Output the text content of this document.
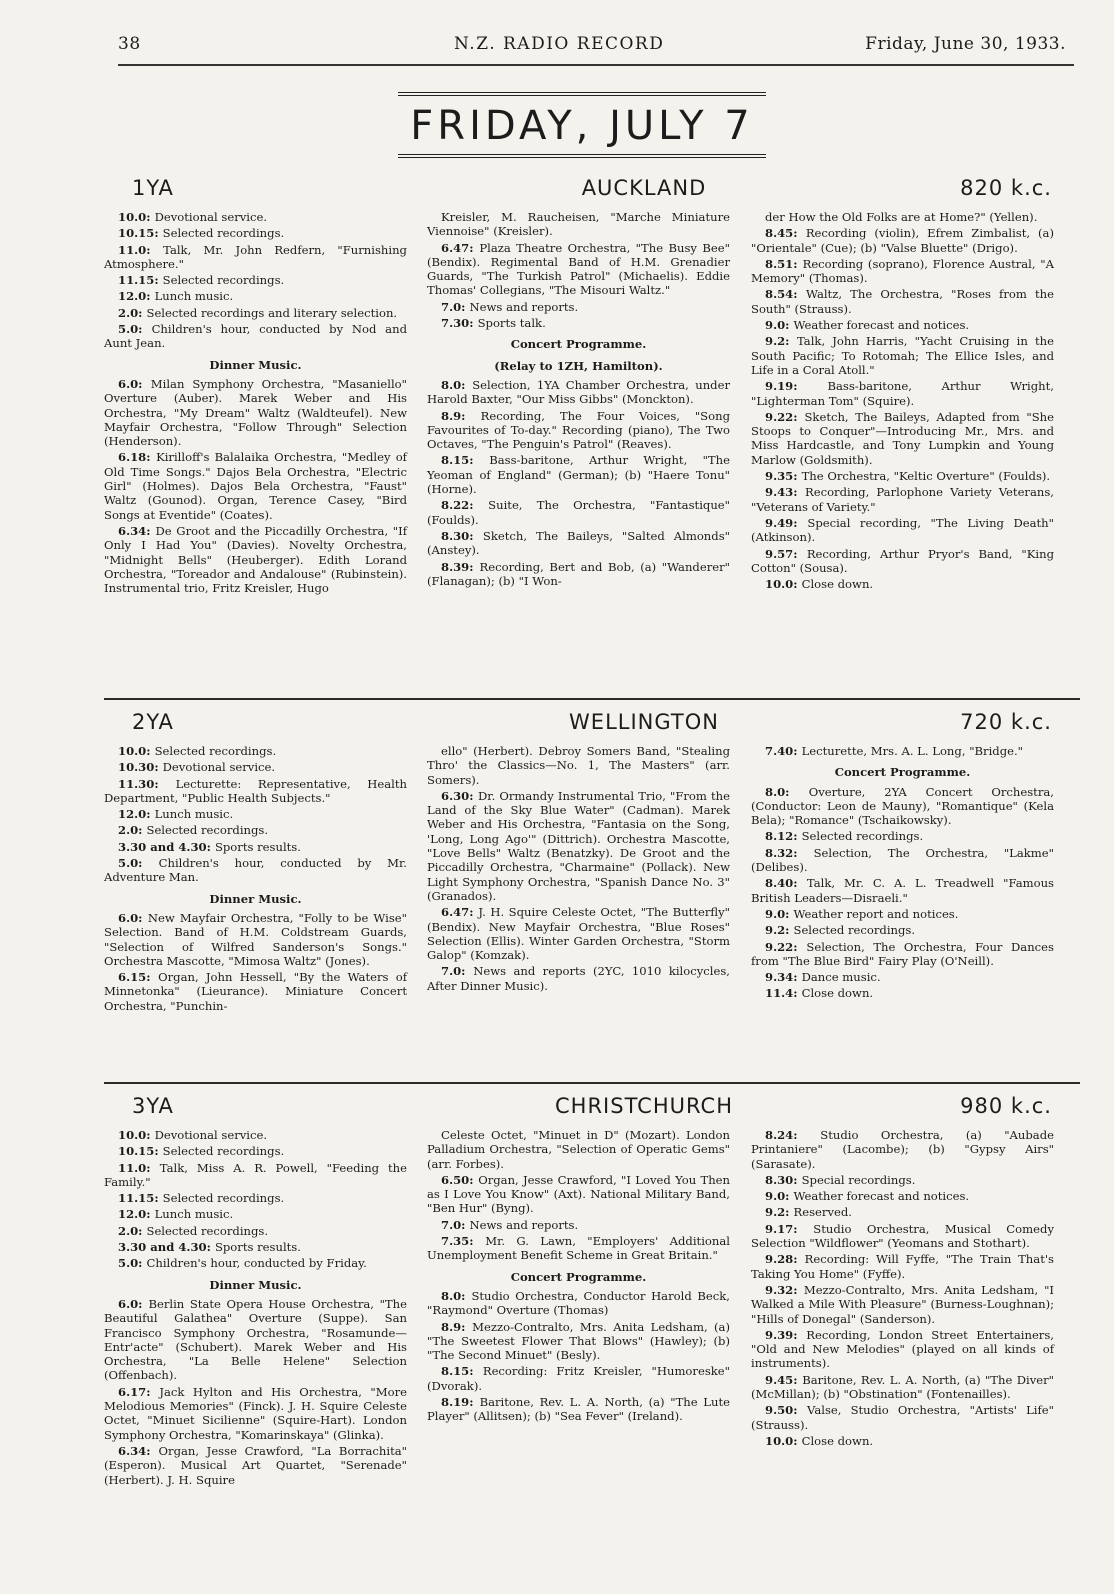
38	N.Z. RADIO RECORD	Friday, June 30, 1933.
FRIDAY, JULY 7
1YA	AUCKLAND	820 k.c.

10.0: Devotional service.

10.15: Selected recordings.

11.0: Talk, Mr. John Redfern, "Furnishing Atmosphere."

11.15: Selected recordings.

12.0: Lunch music.

2.0: Selected recordings and literary selection.

5.0: Children's hour, conducted by Nod and Aunt Jean.

Dinner Music.

6.0: Milan Symphony Orchestra, "Masaniello" Overture (Auber). Marek Weber and His Orchestra, "My Dream" Waltz (Waldteufel). New Mayfair Orchestra, "Follow Through" Selection (Henderson).

6.18: Kirilloff's Balalaika Orchestra, "Medley of Old Time Songs." Dajos Bela Orchestra, "Electric Girl" (Holmes). Dajos Bela Orchestra, "Faust" Waltz (Gounod). Organ, Terence Casey, "Bird Songs at Eventide" (Coates).

6.34: De Groot and the Piccadilly Orchestra, "If Only I Had You" (Davies). Novelty Orchestra, "Midnight Bells" (Heuberger). Edith Lorand Orchestra, "Toreador and Andalouse" (Rubinstein). Instrumental trio, Fritz Kreisler, Hugo

Kreisler, M. Raucheisen, "Marche Miniature Viennoise" (Kreisler).

6.47: Plaza Theatre Orchestra, "The Busy Bee" (Bendix). Regimental Band of H.M. Grenadier Guards, "The Turkish Patrol" (Michaelis). Eddie Thomas' Collegians, "The Misouri Waltz."

7.0: News and reports.

7.30: Sports talk.

Concert Programme.

(Relay to 1ZH, Hamilton).

8.0: Selection, 1YA Chamber Orchestra, under Harold Baxter, "Our Miss Gibbs" (Monckton).

8.9: Recording, The Four Voices, "Song Favourites of To-day." Recording (piano), The Two Octaves, "The Penguin's Patrol" (Reaves).

8.15: Bass-baritone, Arthur Wright, "The Yeoman of England" (German); (b) "Haere Tonu" (Horne).

8.22: Suite, The Orchestra, "Fantastique" (Foulds).

8.30: Sketch, The Baileys, "Salted Almonds" (Anstey).

8.39: Recording, Bert and Bob, (a) "Wanderer" (Flanagan); (b) "I Won-

der How the Old Folks are at Home?" (Yellen).

8.45: Recording (violin), Efrem Zimbalist, (a) "Orientale" (Cue); (b) "Valse Bluette" (Drigo).

8.51: Recording (soprano), Florence Austral, "A Memory" (Thomas).

8.54: Waltz, The Orchestra, "Roses from the South" (Strauss).

9.0: Weather forecast and notices.

9.2: Talk, John Harris, "Yacht Cruising in the South Pacific; To Rotomah; The Ellice Isles, and Life in a Coral Atoll."

9.19: Bass-baritone, Arthur Wright, "Lighterman Tom" (Squire).

9.22: Sketch, The Baileys, Adapted from "She Stoops to Conquer"—Introducing Mr., Mrs. and Miss Hardcastle, and Tony Lumpkin and Young Marlow (Goldsmith).

9.35: The Orchestra, "Keltic Overture" (Foulds).

9.43: Recording, Parlophone Variety Veterans, "Veterans of Variety."

9.49: Special recording, "The Living Death" (Atkinson).

9.57: Recording, Arthur Pryor's Band, "King Cotton" (Sousa).

10.0: Close down.

2YA	WELLINGTON	720 k.c.

10.0: Selected recordings.

10.30: Devotional service.

11.30: Lecturette: Representative, Health Department, "Public Health Subjects."

12.0: Lunch music.

2.0: Selected recordings.

3.30 and 4.30: Sports results.

5.0: Children's hour, conducted by Mr. Adventure Man.

Dinner Music.

6.0: New Mayfair Orchestra, "Folly to be Wise" Selection. Band of H.M. Coldstream Guards, "Selection of Wilfred Sanderson's Songs." Orchestra Mascotte, "Mimosa Waltz" (Jones).

6.15: Organ, John Hessell, "By the Waters of Minnetonka" (Lieurance). Miniature Concert Orchestra, "Punchin-

ello" (Herbert). Debroy Somers Band, "Stealing Thro' the Classics—No. 1, The Masters" (arr. Somers).

6.30: Dr. Ormandy Instrumental Trio, "From the Land of the Sky Blue Water" (Cadman). Marek Weber and His Orchestra, "Fantasia on the Song, 'Long, Long Ago'" (Dittrich). Orchestra Mascotte, "Love Bells" Waltz (Benatzky). De Groot and the Piccadilly Orchestra, "Charmaine" (Pollack). New Light Symphony Orchestra, "Spanish Dance No. 3" (Granados).

6.47: J. H. Squire Celeste Octet, "The Butterfly" (Bendix). New Mayfair Orchestra, "Blue Roses" Selection (Ellis). Winter Garden Orchestra, "Storm Galop" (Komzak).

7.0: News and reports (2YC, 1010 kilocycles, After Dinner Music).

7.40: Lecturette, Mrs. A. L. Long, "Bridge."

Concert Programme.

8.0: Overture, 2YA Concert Orchestra, (Conductor: Leon de Mauny), "Romantique" (Kela Bela); "Romance" (Tschaikowsky).

8.12: Selected recordings.

8.32: Selection, The Orchestra, "Lakme" (Delibes).

8.40: Talk, Mr. C. A. L. Treadwell "Famous British Leaders—Disraeli."

9.0: Weather report and notices.

9.2: Selected recordings.

9.22: Selection, The Orchestra, Four Dances from "The Blue Bird" Fairy Play (O'Neill).

9.34: Dance music.

11.4: Close down.

3YA	CHRISTCHURCH	980 k.c.

10.0: Devotional service.

10.15: Selected recordings.

11.0: Talk, Miss A. R. Powell, "Feeding the Family."

11.15: Selected recordings.

12.0: Lunch music.

2.0: Selected recordings.

3.30 and 4.30: Sports results.

5.0: Children's hour, conducted by Friday.

Dinner Music.

6.0: Berlin State Opera House Orchestra, "The Beautiful Galathea" Overture (Suppe). San Francisco Symphony Orchestra, "Rosamunde—Entr'acte" (Schubert). Marek Weber and His Orchestra, "La Belle Helene" Selection (Offenbach).

6.17: Jack Hylton and His Orchestra, "More Melodious Memories" (Finck). J. H. Squire Celeste Octet, "Minuet Sicilienne" (Squire-Hart). London Symphony Orchestra, "Komarinskaya" (Glinka).

6.34: Organ, Jesse Crawford, "La Borrachita" (Esperon). Musical Art Quartet, "Serenade" (Herbert). J. H. Squire

Celeste Octet, "Minuet in D" (Mozart). London Palladium Orchestra, "Selection of Operatic Gems" (arr. Forbes).

6.50: Organ, Jesse Crawford, "I Loved You Then as I Love You Know" (Axt). National Military Band, "Ben Hur" (Byng).

7.0: News and reports.

7.35: Mr. G. Lawn, "Employers' Additional Unemployment Benefit Scheme in Great Britain."

Concert Programme.

8.0: Studio Orchestra, Conductor Harold Beck, "Raymond" Overture (Thomas)

8.9: Mezzo-Contralto, Mrs. Anita Ledsham, (a) "The Sweetest Flower That Blows" (Hawley); (b) "The Second Minuet" (Besly).

8.15: Recording: Fritz Kreisler, "Humoreske" (Dvorak).

8.19: Baritone, Rev. L. A. North, (a) "The Lute Player" (Allitsen); (b) "Sea Fever" (Ireland).

8.24: Studio Orchestra, (a) "Aubade Printaniere" (Lacombe); (b) "Gypsy Airs" (Sarasate).

8.30: Special recordings.

9.0: Weather forecast and notices.

9.2: Reserved.

9.17: Studio Orchestra, Musical Comedy Selection "Wildflower" (Yeomans and Stothart).

9.28: Recording: Will Fyffe, "The Train That's Taking You Home" (Fyffe).

9.32: Mezzo-Contralto, Mrs. Anita Ledsham, "I Walked a Mile With Pleasure" (Burness-Loughnan); "Hills of Donegal" (Sanderson).

9.39: Recording, London Street Entertainers, "Old and New Melodies" (played on all kinds of instruments).

9.45: Baritone, Rev. L. A. North, (a) "The Diver" (McMillan); (b) "Obstination" (Fontenailles).

9.50: Valse, Studio Orchestra, "Artists' Life" (Strauss).

10.0: Close down.
